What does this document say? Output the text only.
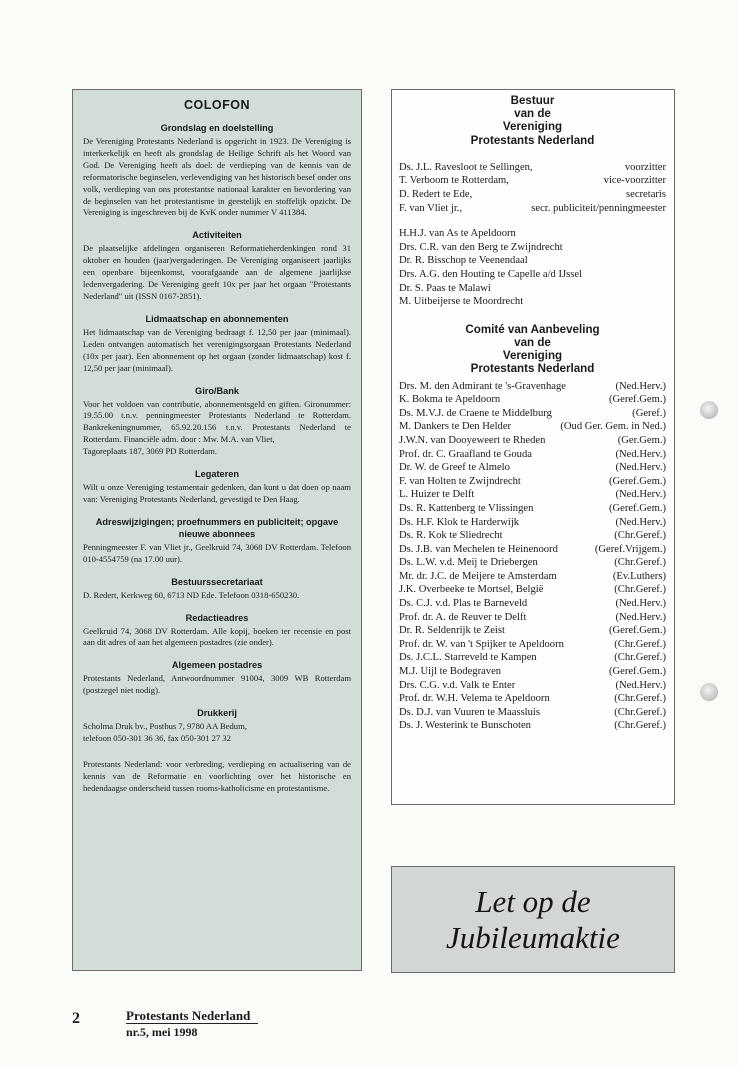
COLOFON
Grondslag en doelstelling

De Vereniging Protestants Nederland is opgericht in 1923. De Vereniging is interkerkelijk en heeft als grondslag de Heilige Schrift als het Woord van God. De Vereniging heeft als doel: de verdieping van de kennis van de reformatorische beginselen, verlevendiging van het historisch besef onder ons volk, verdieping van ons protestantse nationaal karakter en bevordering van de beginselen van het protestantisme in geestelijk en stoffelijk opzicht. De Vereniging is ingeschreven bij de KvK onder nummer V 411384.

Activiteiten

De plaatselijke afdelingen organiseren Reformatieherdenkingen rond 31 oktober en houden (jaar)vergaderingen. De Vereniging organiseert jaarlijks een openbare bijeenkomst, voorafgaande aan de algemene jaarlijkse ledenvergadering. De Vereniging geeft 10x per jaar het orgaan "Protestants Nederland" uit (ISSN 0167-2851).

Lidmaatschap en abonnementen

Het lidmaatschap van de Vereniging bedraagt f. 12,50 per jaar (minimaal). Leden ontvangen automatisch het verenigingsorgaan Protestants Nederland (10x per jaar). Een abonnement op het orgaan (zonder lidmaatschap) kost f. 12,50 per jaar (minimaal).

Giro/Bank

Voor het voldoen van contributie, abonnementsgeld en giften. Gironummer: 19.55.00 t.n.v. penningmeester Protestants Nederland te Rotterdam. Bankrekeningnummer, 65.92.20.156 t.n.v. Protestants Nederland te Rotterdam. Financiële adm. door : Mw. M.A. van Vliet,

Tagoreplaats 187, 3069 PD Rotterdam.

Legateren

Wilt u onze Vereniging testamentair gedenken, dan kunt u dat doen op naam van: Vereniging Protestants Nederland, gevestigd te Den Haag.

Adreswijzigingen; proefnummers en publiciteit; opgave nieuwe abonnees

Penningmeester F. van Vliet jr., Geelkruid 74, 3068 DV Rotterdam. Telefoon 010-4554759 (na 17.00 uur).

Bestuurssecretariaat

D. Redert, Kerkweg 60, 6713 ND Ede. Telefoon 0318-650230.

Redactieadres

Geelkruid 74, 3068 DV Rotterdam. Alle kopij, boeken ter recensie en post aan dit adres of aan het algemeen postadres (zie onder).

Algemeen postadres

Protestants Nederland, Antwoordnummer 91004, 3009 WB Rotterdam (postzegel niet nodig).

Drukkerij

Scholma Druk bv., Postbus 7, 9780 AA Bedum,

telefoon 050-301 36 36, fax 050-301 27 32

Protestants Nederland: voor verbreding, verdieping en actualisering van de kennis van de Reformatie en voorlichting over het historische en hedendaagse onderscheid tussen rooms-katholicisme en protestantisme.
Bestuur
van de
Vereniging
Protestants Nederland
Ds. J.L. Ravesloot te Sellingen,	voorzitter
T. Verboom te Rotterdam,	vice-voorzitter
D. Redert te Ede,	secretaris
F. van Vliet jr.,	secr. publiciteit/penningmeester
H.H.J. van As te Apeldoorn
Drs. C.R. van den Berg te Zwijndrecht
Dr. R. Bisschop te Veenendaal
Drs. A.G. den Houting te Capelle a/d IJssel
Dr. S. Paas te Malawi
M. Uitbeijerse te Moordrecht
Comité van Aanbeveling
van de
Vereniging
Protestants Nederland
Drs. M. den Admirant te 's-Gravenhage	(Ned.Herv.)
K. Bokma te Apeldoorn	(Geref.Gem.)
Ds. M.V.J. de Craene te Middelburg	(Geref.)
M. Dankers te Den Helder	(Oud Ger. Gem. in Ned.)
J.W.N. van Dooyeweert te Rheden	(Ger.Gem.)
Prof. dr. C. Graafland te Gouda	(Ned.Herv.)
Dr. W. de Greef te Almelo	(Ned.Herv.)
F. van Holten te Zwijndrecht	(Geref.Gem.)
L. Huizer te Delft	(Ned.Herv.)
Ds. R. Kattenberg te Vlissingen	(Geref.Gem.)
Ds. H.F. Klok te Harderwijk	(Ned.Herv.)
Ds. R. Kok te Sliedrecht	(Chr.Geref.)
Ds. J.B. van Mechelen te Heinenoord	(Geref.Vrijgem.)
Ds. L.W. v.d. Meij te Driebergen	(Chr.Geref.)
Mr. dr. J.C. de Meijere te Amsterdam	(Ev.Luthers)
J.K. Overbeeke te Mortsel, België	(Chr.Geref.)
Ds. C.J. v.d. Plas te Barneveld	(Ned.Herv.)
Prof. dr. A. de Reuver te Delft	(Ned.Herv.)
Dr. R. Seldenrijk te Zeist	(Geref.Gem.)
Prof. dr. W. van 't Spijker te Apeldoorn	(Chr.Geref.)
Ds. J.C.L. Starreveld te Kampen	(Chr.Geref.)
M.J. Uijl te Bodegraven	(Geref.Gem.)
Drs. C.G. v.d. Valk te Enter	(Ned.Herv.)
Prof. dr. W.H. Velema te Apeldoorn	(Chr.Geref.)
Ds. D.J. van Vuuren te Maassluis	(Chr.Geref.)
Ds. J. Westerink te Bunschoten	(Chr.Geref.)
Let op de
Jubileumaktie
2	Protestants Nederland
nr.5, mei 1998
